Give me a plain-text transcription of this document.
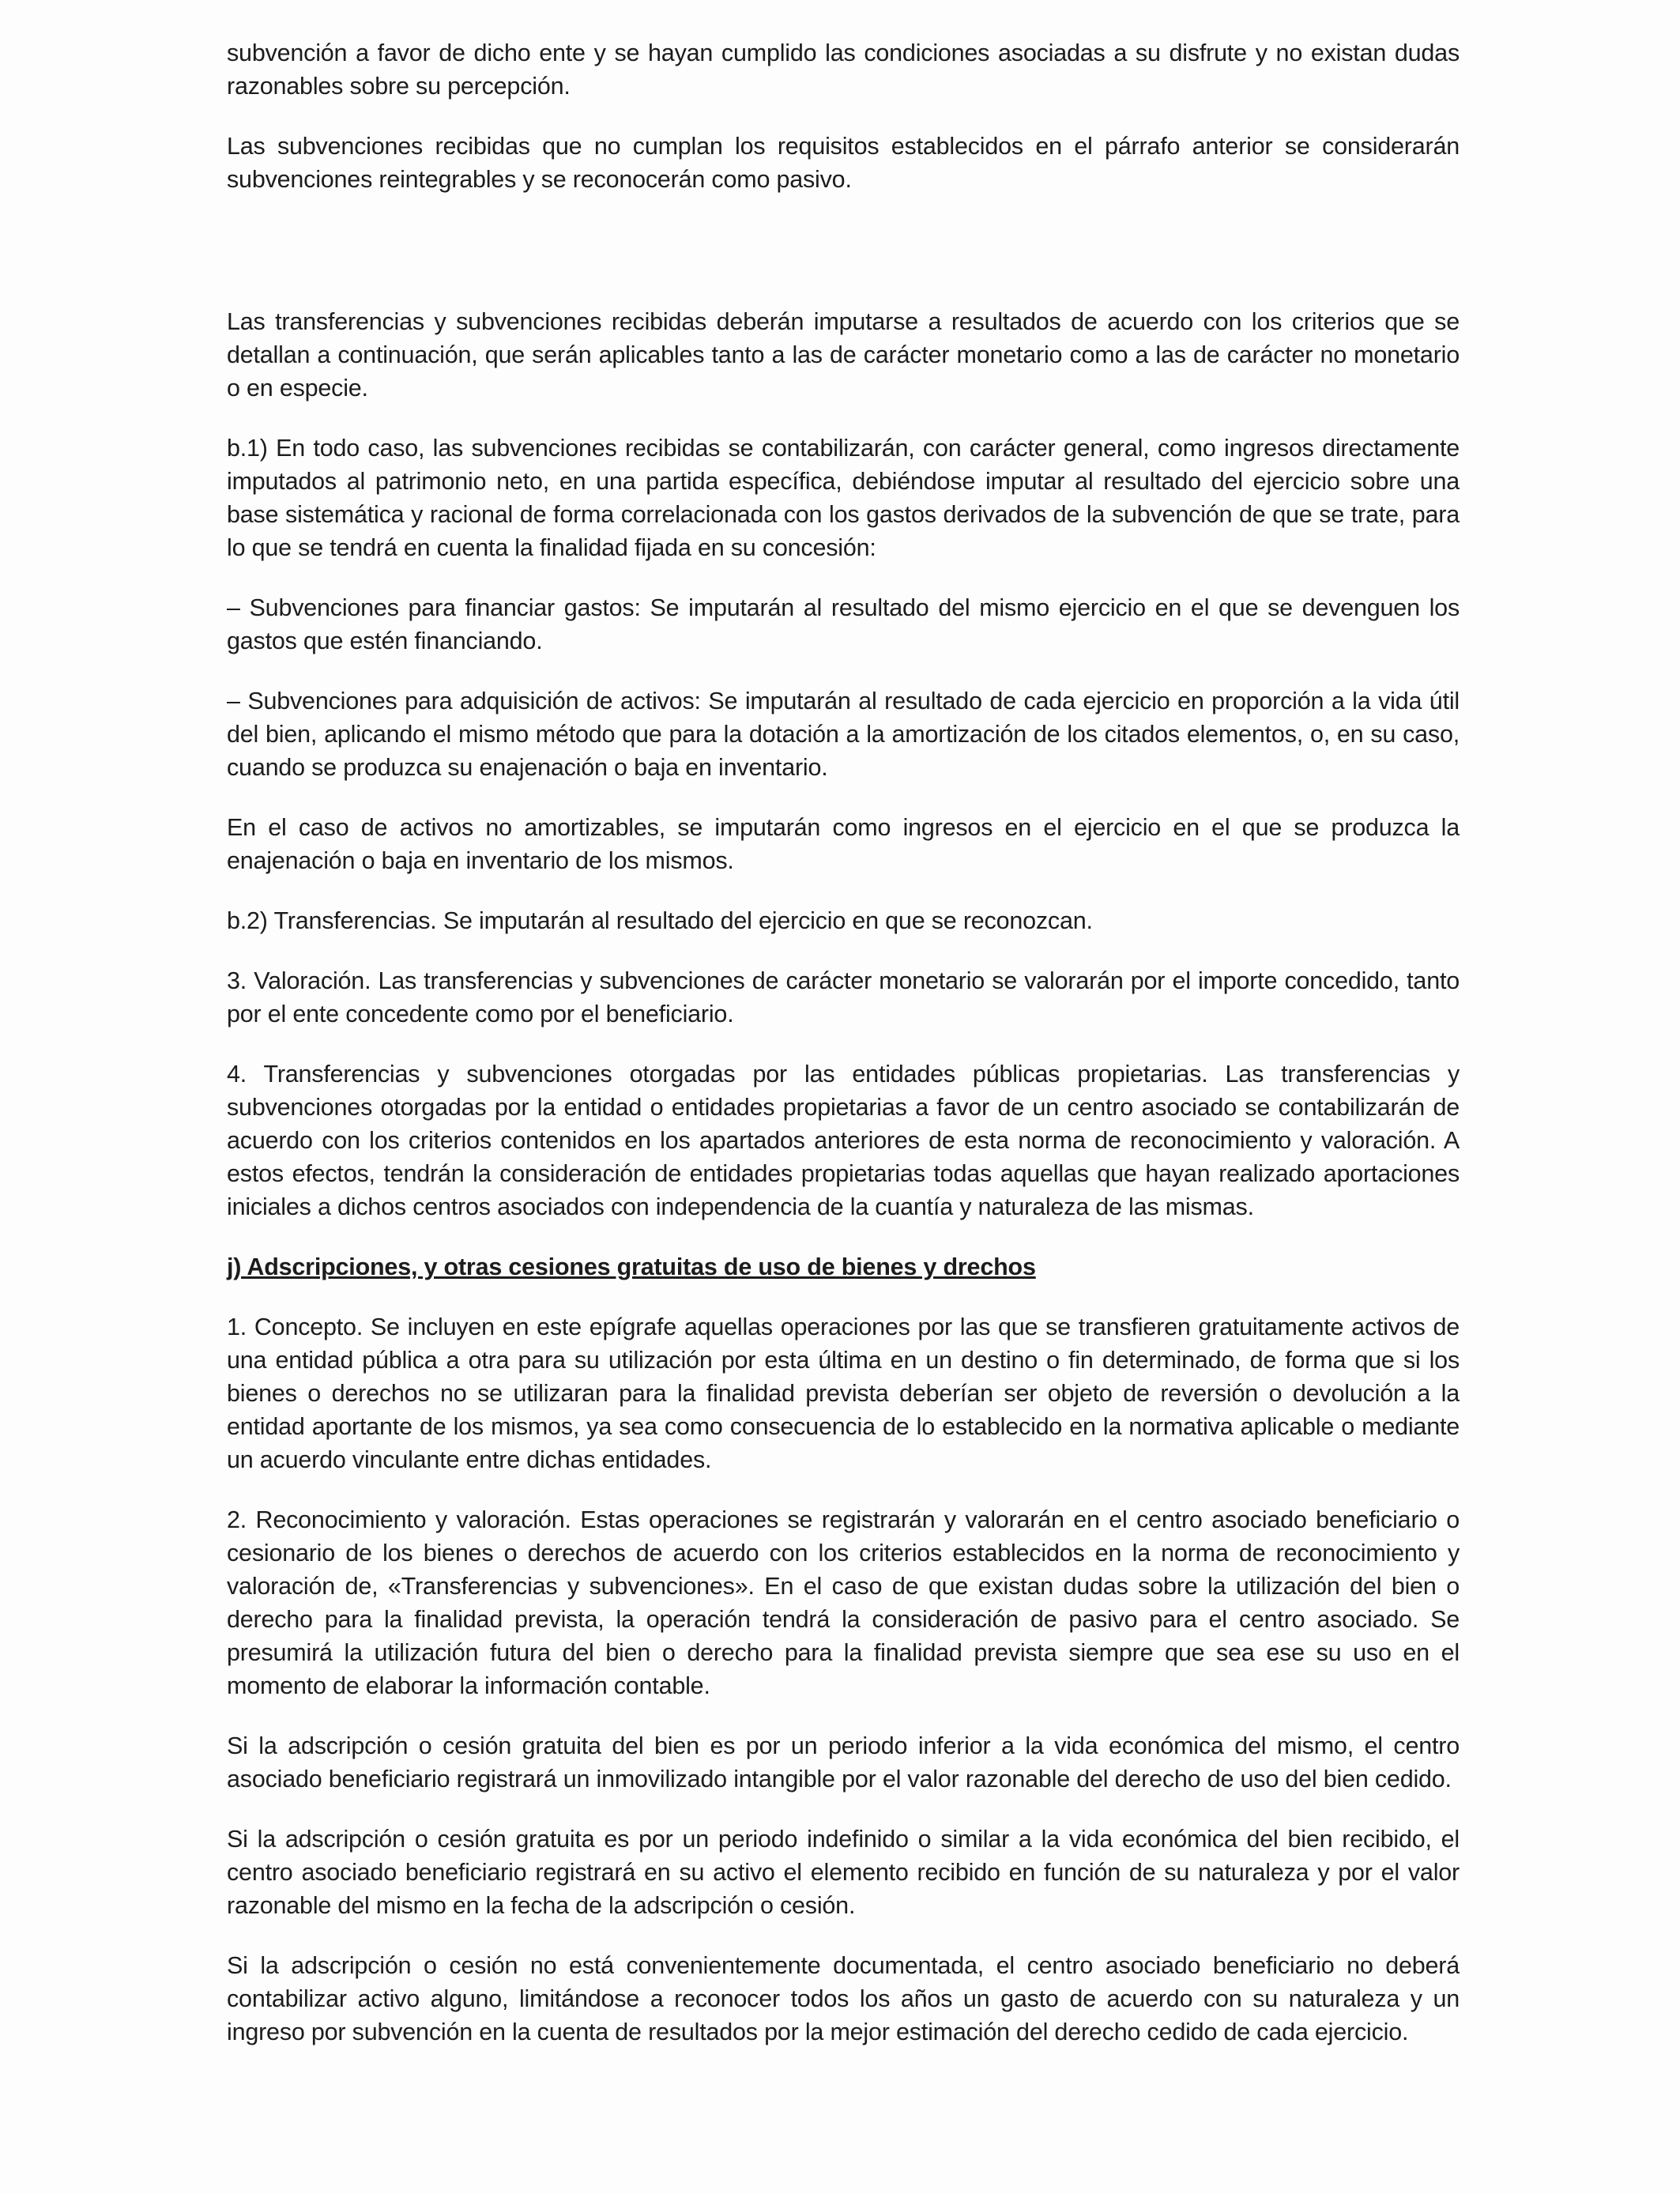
subvención a favor de dicho ente y se hayan cumplido las condiciones asociadas a su disfrute y no existan dudas razonables sobre su percepción.

Las subvenciones recibidas que no cumplan los requisitos establecidos en el párrafo anterior se considerarán subvenciones reintegrables y se reconocerán como pasivo.

Las transferencias y subvenciones recibidas deberán imputarse a resultados de acuerdo con los criterios que se detallan a continuación, que serán aplicables tanto a las de carácter monetario como a las de carácter no monetario o en especie.

b.1) En todo caso, las subvenciones recibidas se contabilizarán, con carácter general, como ingresos directamente imputados al patrimonio neto, en una partida específica, debiéndose imputar al resultado del ejercicio sobre una base sistemática y racional de forma correlacionada con los gastos derivados de la subvención de que se trate, para lo que se tendrá en cuenta la finalidad fijada en su concesión:

– Subvenciones para financiar gastos: Se imputarán al resultado del mismo ejercicio en el que se devenguen los gastos que estén financiando.

– Subvenciones para adquisición de activos: Se imputarán al resultado de cada ejercicio en proporción a la vida útil del bien, aplicando el mismo método que para la dotación a la amortización de los citados elementos, o, en su caso, cuando se produzca su enajenación o baja en inventario.

En el caso de activos no amortizables, se imputarán como ingresos en el ejercicio en el que se produzca la enajenación o baja en inventario de los mismos.

b.2) Transferencias. Se imputarán al resultado del ejercicio en que se reconozcan.

3. Valoración. Las transferencias y subvenciones de carácter monetario se valorarán por el importe concedido, tanto por el ente concedente como por el beneficiario.

4. Transferencias y subvenciones otorgadas por las entidades públicas propietarias. Las transferencias y subvenciones otorgadas por la entidad o entidades propietarias a favor de un centro asociado se contabilizarán de acuerdo con los criterios contenidos en los apartados anteriores de esta norma de reconocimiento y valoración. A estos efectos, tendrán la consideración de entidades propietarias todas aquellas que hayan realizado aportaciones iniciales a dichos centros asociados con independencia de la cuantía y naturaleza de las mismas.

j) Adscripciones, y otras cesiones gratuitas de uso de bienes y drechos

1. Concepto. Se incluyen en este epígrafe aquellas operaciones por las que se transfieren gratuitamente activos de una entidad pública a otra para su utilización por esta última en un destino o fin determinado, de forma que si los bienes o derechos no se utilizaran para la finalidad prevista deberían ser objeto de reversión o devolución a la entidad aportante de los mismos, ya sea como consecuencia de lo establecido en la normativa aplicable o mediante un acuerdo vinculante entre dichas entidades.

2. Reconocimiento y valoración. Estas operaciones se registrarán y valorarán en el centro asociado beneficiario o cesionario de los bienes o derechos de acuerdo con los criterios establecidos en la norma de reconocimiento y valoración de, «Transferencias y subvenciones». En el caso de que existan dudas sobre la utilización del bien o derecho para la finalidad prevista, la operación tendrá la consideración de pasivo para el centro asociado. Se presumirá la utilización futura del bien o derecho para la finalidad prevista siempre que sea ese su uso en el momento de elaborar la información contable.

Si la adscripción o cesión gratuita del bien es por un periodo inferior a la vida económica del mismo, el centro asociado beneficiario registrará un inmovilizado intangible por el valor razonable del derecho de uso del bien cedido.

Si la adscripción o cesión gratuita es por un periodo indefinido o similar a la vida económica del bien recibido, el centro asociado beneficiario registrará en su activo el elemento recibido en función de su naturaleza y por el valor razonable del mismo en la fecha de la adscripción o cesión.

Si la adscripción o cesión no está convenientemente documentada, el centro asociado beneficiario no deberá contabilizar activo alguno, limitándose a reconocer todos los años un gasto de acuerdo con su naturaleza y un ingreso por subvención en la cuenta de resultados por la mejor estimación del derecho cedido de cada ejercicio.
